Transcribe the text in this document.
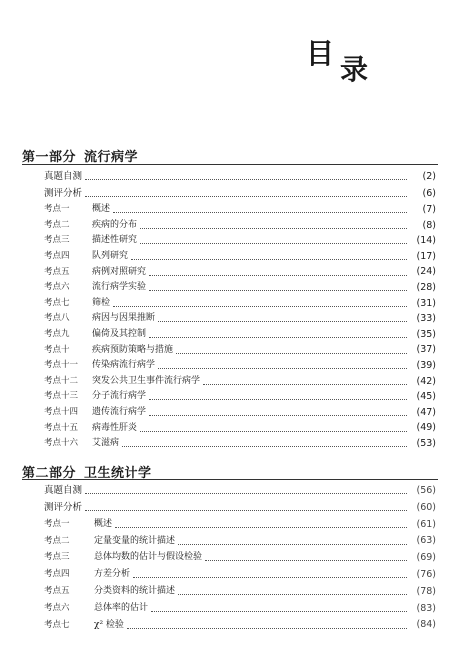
目 录
第一部分 流行病学
真题自测	(2)
测评分析	(6)
考点一 概述	(7)
考点二 疾病的分布	(8)
考点三 描述性研究	(14)
考点四 队列研究	(17)
考点五 病例对照研究	(24)
考点六 流行病学实验	(28)
考点七 筛检	(31)
考点八 病因与因果推断	(33)
考点九 偏倚及其控制	(35)
考点十 疾病预防策略与措施	(37)
考点十一 传染病流行病学	(39)
考点十二 突发公共卫生事件流行病学	(42)
考点十三 分子流行病学	(45)
考点十四 遗传流行病学	(47)
考点十五 病毒性肝炎	(49)
考点十六 艾滋病	(53)
第二部分 卫生统计学
真题自测	(56)
测评分析	(60)
考点一	概述	(61)
考点二	定量变量的统计描述	(63)
考点三	总体均数的估计与假设检验	(69)
考点四	方差分析	(76)
考点五	分类资料的统计描述	(78)
考点六	总体率的估计	(83)
考点七	χ² 检验	(84)
